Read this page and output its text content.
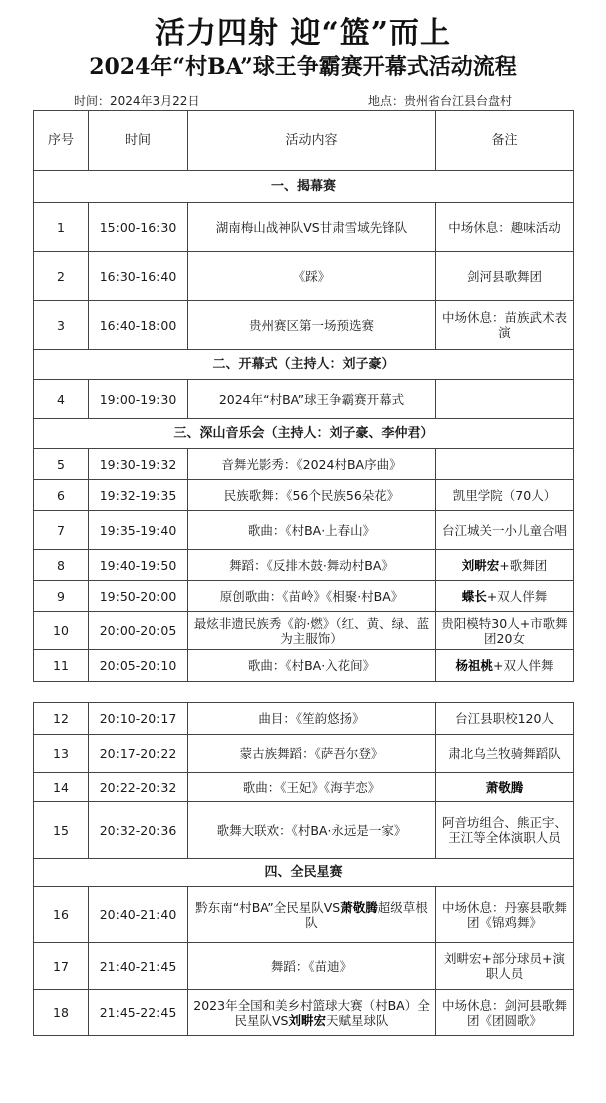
活力四射 迎“篮”而上
2024年“村BA”球王争霸赛开幕式活动流程
时间：2024年3月22日	地点：贵州省台江县台盘村
序号	时间	活动内容	备注
一、揭幕赛			
1	15:00-16:30	湖南梅山战神队VS甘肃雪域先锋队	中场休息：趣味活动
2	16:30-16:40	《踩》	剑河县歌舞团
3	16:40-18:00	贵州赛区第一场预选赛	中场休息：苗族武术表演
二、开幕式（主持人：刘子豪）			
4	19:00-19:30	2024年“村BA”球王争霸赛开幕式	
三、深山音乐会（主持人：刘子豪、李仲君）			
5	19:30-19:32	音舞光影秀：《2024村BA序曲》	
6	19:32-19:35	民族歌舞：《56个民族56朵花》	凯里学院（70人）
7	19:35-19:40	歌曲：《村BA·上春山》	台江城关一小儿童合唱
8	19:40-19:50	舞蹈：《反排木鼓·舞动村BA》	刘畊宏+歌舞团
9	19:50-20:00	原创歌曲：《苗岭》《相聚·村BA》	蝶长+双人伴舞
10	20:00-20:05	最炫非遗民族秀《韵·燃》（红、黄、绿、蓝为主服饰）	贵阳模特30人+市歌舞团20女
11	20:05-20:10	歌曲：《村BA·入花间》	杨祖桃+双人伴舞
12	20:10-20:17	曲目：《笙韵悠扬》	台江县职校120人
13	20:17-20:22	蒙古族舞蹈：《萨吾尔登》	肃北乌兰牧骑舞蹈队
14	20:22-20:32	歌曲：《王妃》《海芋恋》	萧敬腾
15	20:32-20:36	歌舞大联欢：《村BA·永远是一家》	阿音坊组合、熊正宇、王江等全体演职人员
四、全民星赛			
16	20:40-21:40	黔东南“村BA”全民星队VS萧敬腾超级草根队	中场休息：丹寨县歌舞团《锦鸡舞》
17	21:40-21:45	舞蹈：《苗迪》	刘畊宏+部分球员+演职人员
18	21:45-22:45	2023年全国和美乡村篮球大赛（村BA）全民星队VS刘畊宏天赋星球队	中场休息：剑河县歌舞团《团圆歌》
